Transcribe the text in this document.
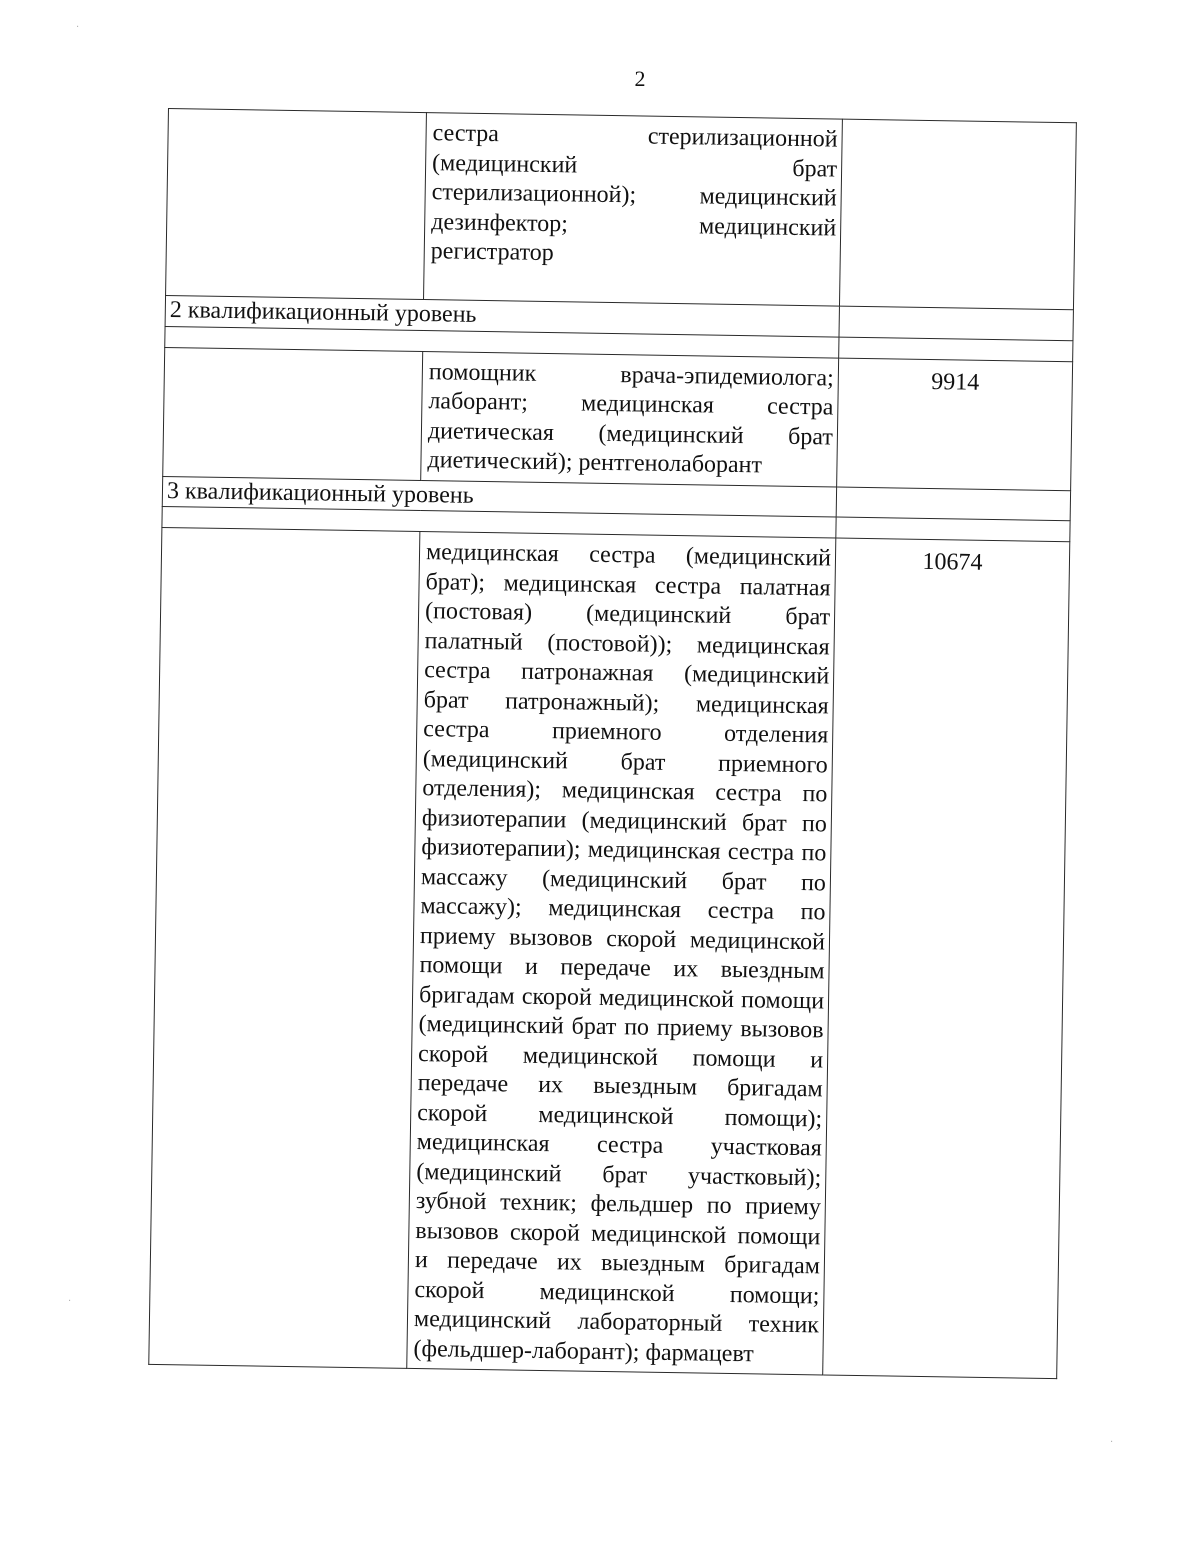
2
·
·
·
	сестра стерилизационной (медицинский брат стерилизационной); медицинский дезинфектор; медицинский регистратор	
2 квалификационный уровень		

	помощник врача-эпидемиолога; лаборант; медицинская сестра диетическая (медицинский брат диетический); рентгенолаборант	9914
3 квалификационный уровень		

	медицинская сестра (медицинский брат); медицинская сестра палатная (постовая) (медицинский брат палатный (постовой)); медицинская сестра патронажная (медицинский брат патронажный); медицинская сестра приемного отделения (медицинский брат приемного отделения); медицинская сестра по физиотерапии (медицинский брат по физиотерапии); медицинская сестра по массажу (медицинский брат по массажу); медицинская сестра по приему вызовов скорой медицинской помощи и передаче их выездным бригадам скорой медицинской помощи (медицинский брат по приему вызовов скорой медицинской помощи и передаче их выездным бригадам скорой медицинской помощи); медицинская сестра участковая (медицинский брат участковый); зубной техник; фельдшер по приему вызовов скорой медицинской помощи и передаче их выездным бригадам скорой медицинской помощи; медицинский лабораторный техник (фельдшер-лаборант); фармацевт	10674
